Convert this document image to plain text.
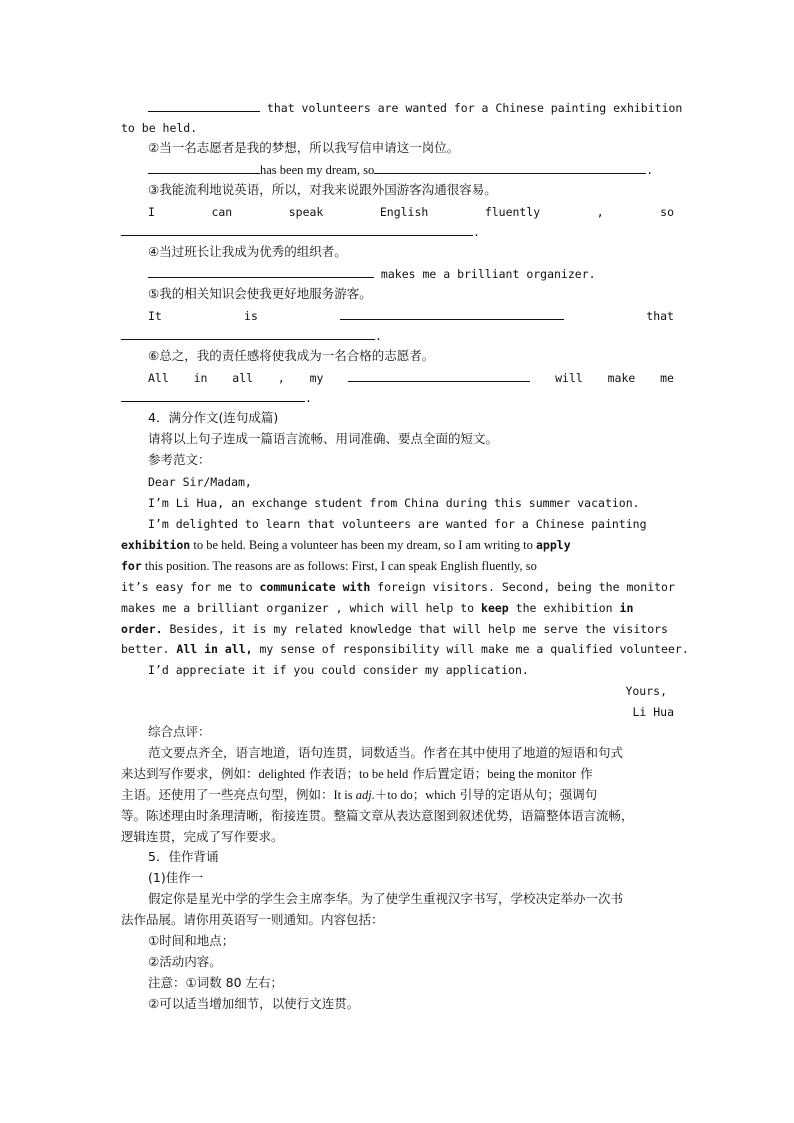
that volunteers are wanted for a Chinese painting exhibition
to be held.
②当一名志愿者是我的梦想，所以我写信申请这一岗位。
has been my dream, so	.
③我能流利地说英语，所以，对我来说跟外国游客沟通很容易。
I	can	speak	English	fluently	,	so
.
④当过班长让我成为优秀的组织者。
makes me a brilliant organizer.
⑤我的相关知识会使我更好地服务游客。
It	is	that
.
⑥总之，我的责任感将使我成为一名合格的志愿者。
All in all , my	will make me
.
4．满分作文(连句成篇)
请将以上句子连成一篇语言流畅、用词准确、要点全面的短文。
参考范文：
Dear Sir/Madam,
I’m Li Hua, an exchange student from China during this summer vacation.
I’m delighted to learn that volunteers are wanted for a Chinese painting
exhibition to be held. Being a volunteer has been my dream, so I am writing to apply
for this position. The reasons are as follows: First, I can speak English fluently, so
it’s easy for me to communicate with foreign visitors. Second, being the monitor
makes me a brilliant organizer , which will help to keep the exhibition in
order. Besides, it is my related knowledge that will help me serve the visitors
better. All in all, my sense of responsibility will make me a qualified volunteer.
I’d appreciate it if you could consider my application.
Yours,
Li Hua
综合点评：
范文要点齐全，语言地道，语句连贯，词数适当。作者在其中使用了地道的短语和句式
来达到写作要求，例如：delighted 作表语；to be held 作后置定语；being the monitor 作
主语。还使用了一些亮点句型，例如：It is adj.＋to do；which 引导的定语从句；强调句
等。陈述理由时条理清晰，衔接连贯。整篇文章从表达意图到叙述优势，语篇整体语言流畅，
逻辑连贯，完成了写作要求。
5．佳作背诵
(1)佳作一
假定你是星光中学的学生会主席李华。为了使学生重视汉字书写，学校决定举办一次书
法作品展。请你用英语写一则通知。内容包括：
①时间和地点；
②活动内容。
注意：①词数 80 左右；
②可以适当增加细节，以使行文连贯。
